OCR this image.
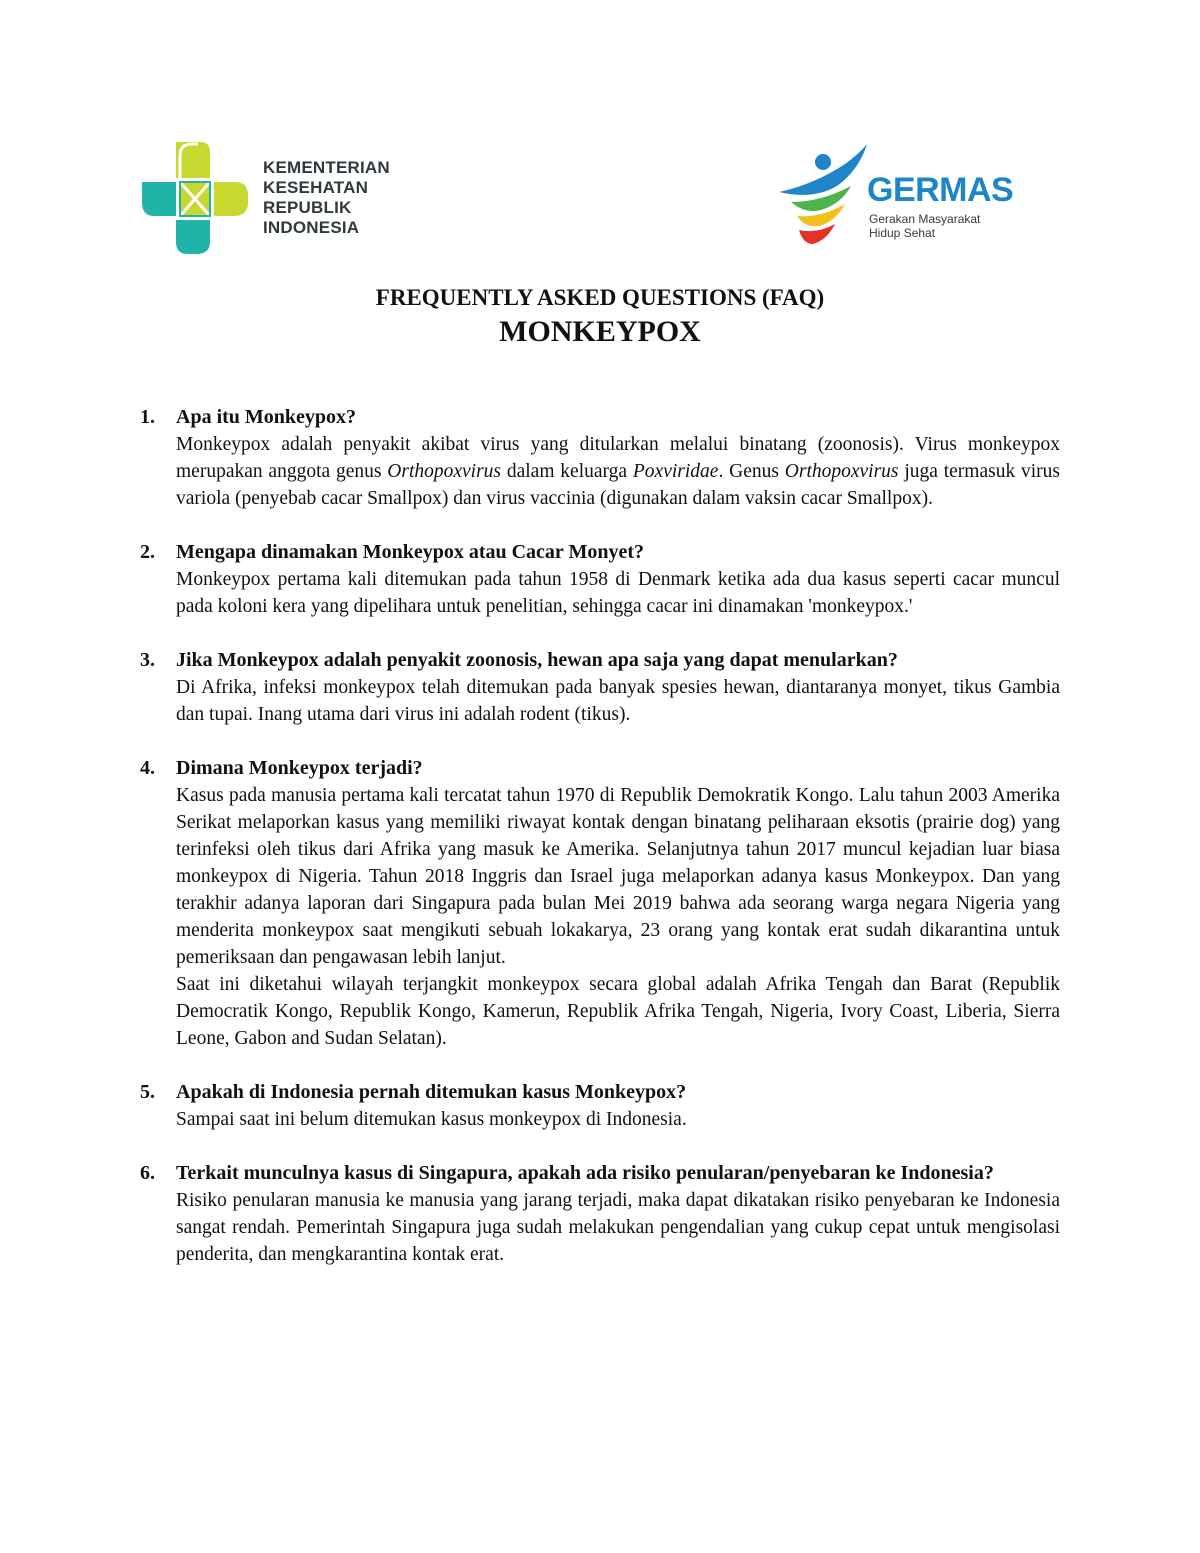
KEMENTERIAN
KESEHATAN
REPUBLIK
INDONESIA
GERMAS
Gerakan Masyarakat
Hidup Sehat
FREQUENTLY ASKED QUESTIONS (FAQ)
MONKEYPOX
1. Apa itu Monkeypox?
Monkeypox adalah penyakit akibat virus yang ditularkan melalui binatang (zoonosis). Virus monkeypox merupakan anggota genus Orthopoxvirus dalam keluarga Poxviridae. Genus Orthopoxvirus juga termasuk virus variola (penyebab cacar Smallpox) dan virus vaccinia (digunakan dalam vaksin cacar Smallpox).
2. Mengapa dinamakan Monkeypox atau Cacar Monyet?
Monkeypox pertama kali ditemukan pada tahun 1958 di Denmark ketika ada dua kasus seperti cacar muncul pada koloni kera yang dipelihara untuk penelitian, sehingga cacar ini dinamakan 'monkeypox.'
3. Jika Monkeypox adalah penyakit zoonosis, hewan apa saja yang dapat menularkan?
Di Afrika, infeksi monkeypox telah ditemukan pada banyak spesies hewan, diantaranya monyet, tikus Gambia dan tupai. Inang utama dari virus ini adalah rodent (tikus).
4. Dimana Monkeypox terjadi?
Kasus pada manusia pertama kali tercatat tahun 1970 di Republik Demokratik Kongo. Lalu tahun 2003 Amerika Serikat melaporkan kasus yang memiliki riwayat kontak dengan binatang peliharaan eksotis (prairie dog) yang terinfeksi oleh tikus dari Afrika yang masuk ke Amerika. Selanjutnya tahun 2017 muncul kejadian luar biasa monkeypox di Nigeria. Tahun 2018 Inggris dan Israel juga melaporkan adanya kasus Monkeypox. Dan yang terakhir adanya laporan dari Singapura pada bulan Mei 2019 bahwa ada seorang warga negara Nigeria yang menderita monkeypox saat mengikuti sebuah lokakarya, 23 orang yang kontak erat sudah dikarantina untuk pemeriksaan dan pengawasan lebih lanjut.
Saat ini diketahui wilayah terjangkit monkeypox secara global adalah Afrika Tengah dan Barat (Republik Democratik Kongo, Republik Kongo, Kamerun, Republik Afrika Tengah, Nigeria, Ivory Coast, Liberia, Sierra Leone, Gabon and Sudan Selatan).
5. Apakah di Indonesia pernah ditemukan kasus Monkeypox?
Sampai saat ini belum ditemukan kasus monkeypox di Indonesia.
6. Terkait munculnya kasus di Singapura, apakah ada risiko penularan/penyebaran ke Indonesia?
Risiko penularan manusia ke manusia yang jarang terjadi, maka dapat dikatakan risiko penyebaran ke Indonesia sangat rendah. Pemerintah Singapura juga sudah melakukan pengendalian yang cukup cepat untuk mengisolasi penderita, dan mengkarantina kontak erat.
